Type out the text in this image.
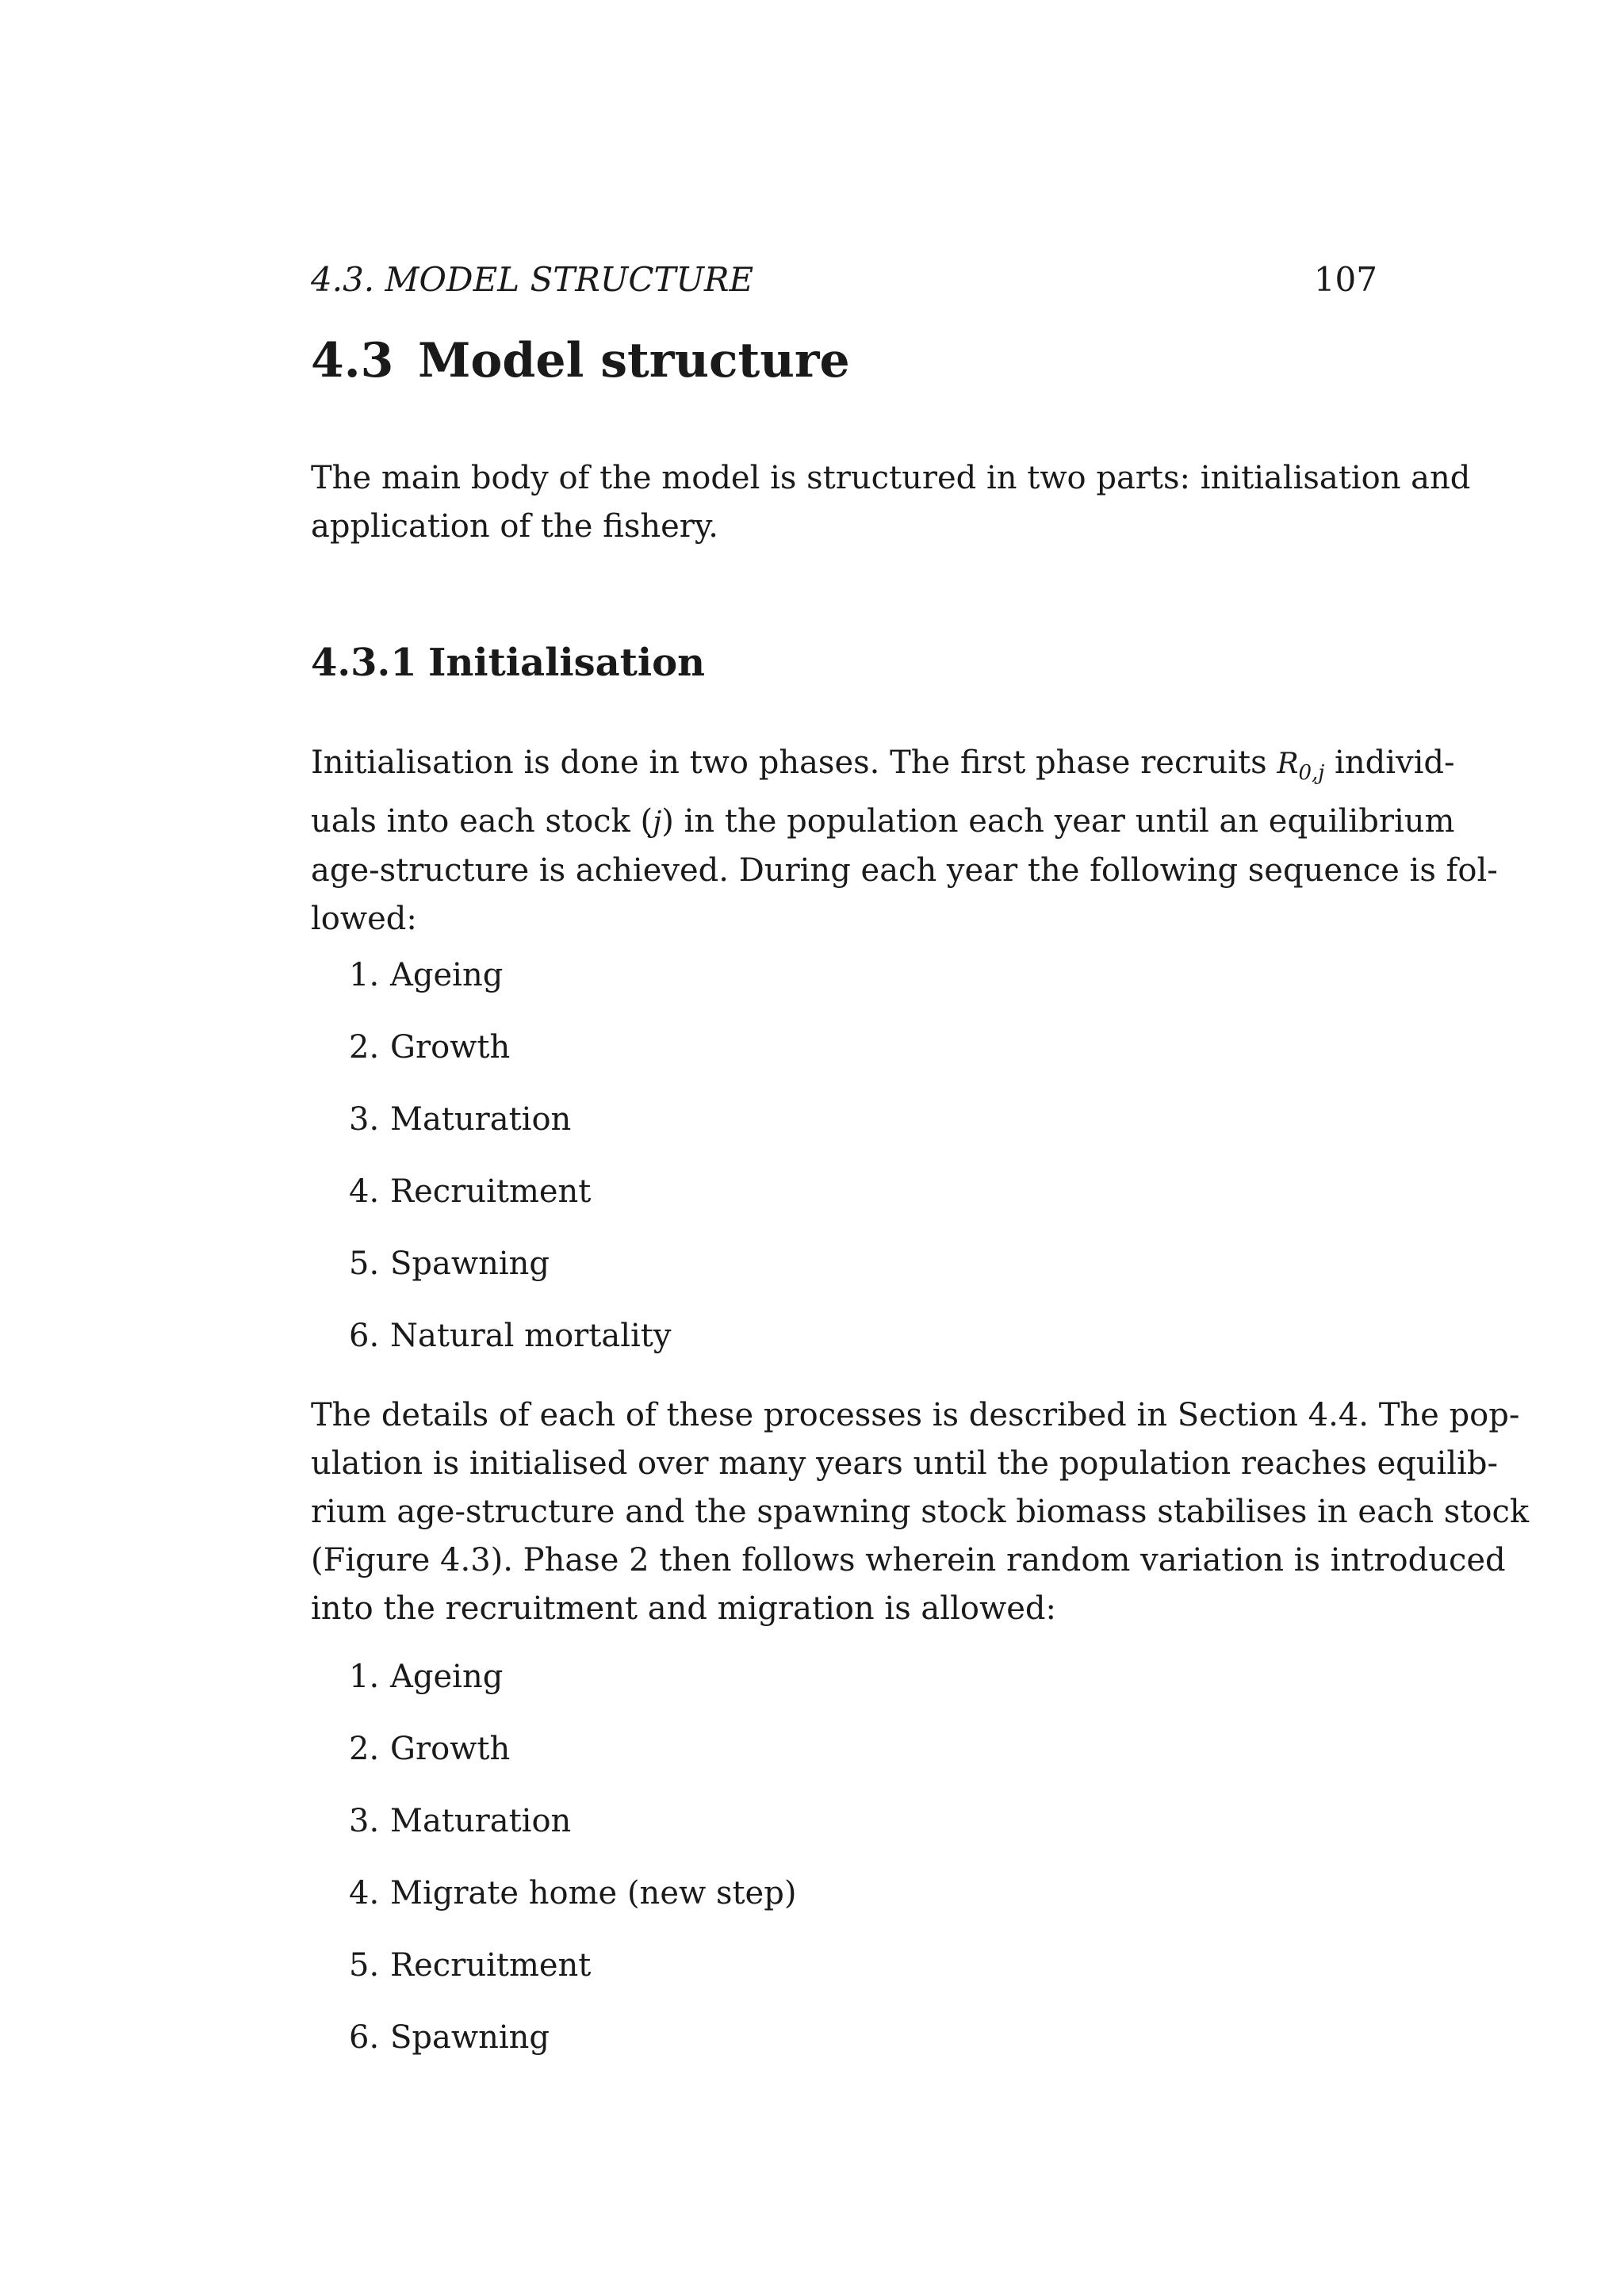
4.3. MODEL STRUCTURE	107
4.3 Model structure

The main body of the model is structured in two parts: initialisation and
application of the fishery.

4.3.1 Initialisation

Initialisation is done in two phases. The first phase recruits $R_{0,j}$ individ-
uals into each stock (j) in the population each year until an equilibrium
age-structure is achieved. During each year the following sequence is fol-
lowed:

1. Ageing
2. Growth
3. Maturation
4. Recruitment
5. Spawning
6. Natural mortality

The details of each of these processes is described in Section 4.4. The pop-
ulation is initialised over many years until the population reaches equilib-
rium age-structure and the spawning stock biomass stabilises in each stock
(Figure 4.3). Phase 2 then follows wherein random variation is introduced
into the recruitment and migration is allowed:

1. Ageing
2. Growth
3. Maturation
4. Migrate home (new step)
5. Recruitment
6. Spawning
